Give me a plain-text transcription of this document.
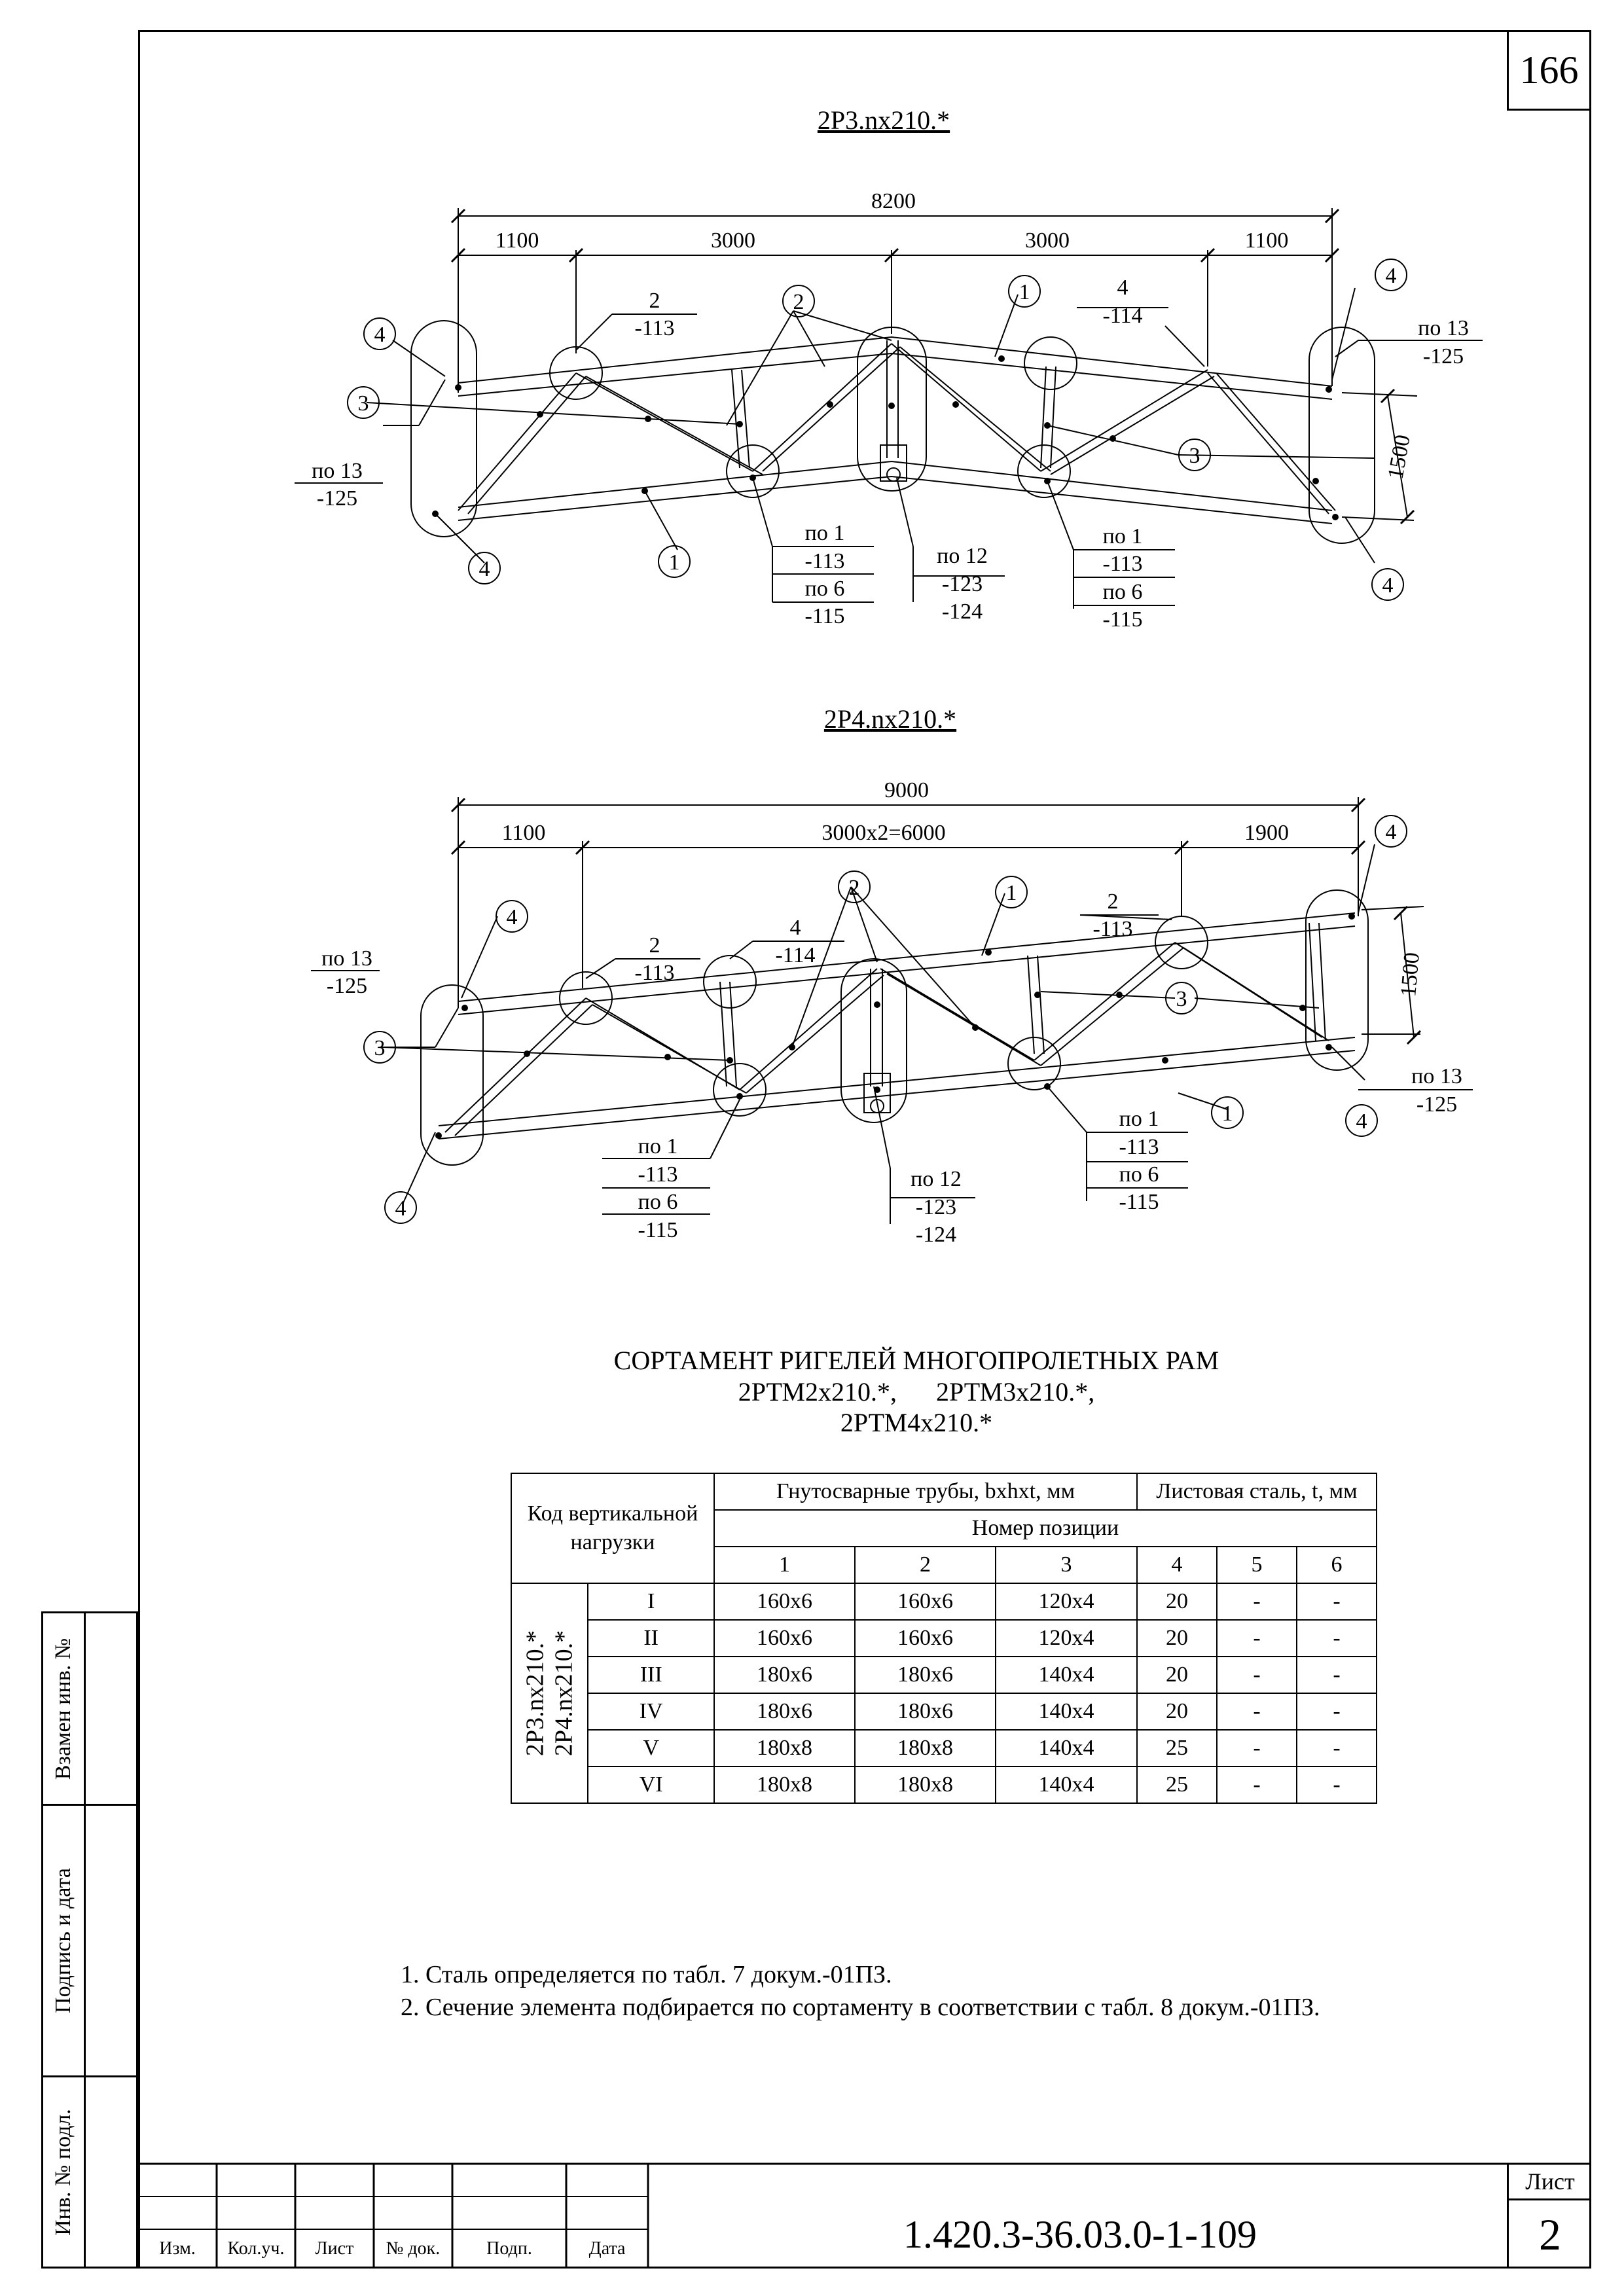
166
8200
1100	3000	3000	1100
1500
4
3
4	1
2	1
3
4
4
2
-113
4
-114
по 13
-125
по 13
-125
по 1
-113
по 6
-115
по 12
-123
-124
по 1
-113
по 6
-115
9000
1100	3000х2=6000	1900
1500
4
3
4
2	1
3
1
4
4
2
-113
4
-114
2
-113
по 13
-125
по 13
-125
по 1
-113
по 6
-115
по 12
-123
-124
по 1
-113
по 6
-115
2Р3.nх210.*
2Р4.nх210.*
СОРТАМЕНТ РИГЕЛЕЙ МНОГОПРОЛЕТНЫХ РАМ
2РТМ2х210.*,      2РТМ3х210.*,
2РТМ4х210.*
Код вертикальной нагрузки		Гнутосварные трубы, bхhхt, мм			Листовая сталь, t, мм		
		Номер позиции					
		1	2	3	4	5	6

2Р3.nх210.* 2Р4.nх210.*	I	160х6	160х6	120х4	20	-	-
	II	160х6	160х6	120х4	20	-	-
	III	180х6	180х6	140х4	20	-	-
	IV	180х6	180х6	140х4	20	-	-
	V	180х8	180х8	140х4	25	-	-
	VI	180х8	180х8	140х4	25	-	-
1. Сталь определяется по табл. 7 докум.-01ПЗ.
2. Сечение элемента подбирается по сортаменту в соответствии с табл. 8 докум.-01ПЗ.
Взамен инв. №
Подпись и дата
Инв. № подл.
Изм.	Кол.уч.	Лист	№ док.	Подп.	Дата	1.420.3-36.03.0-1-109
Лист
2
